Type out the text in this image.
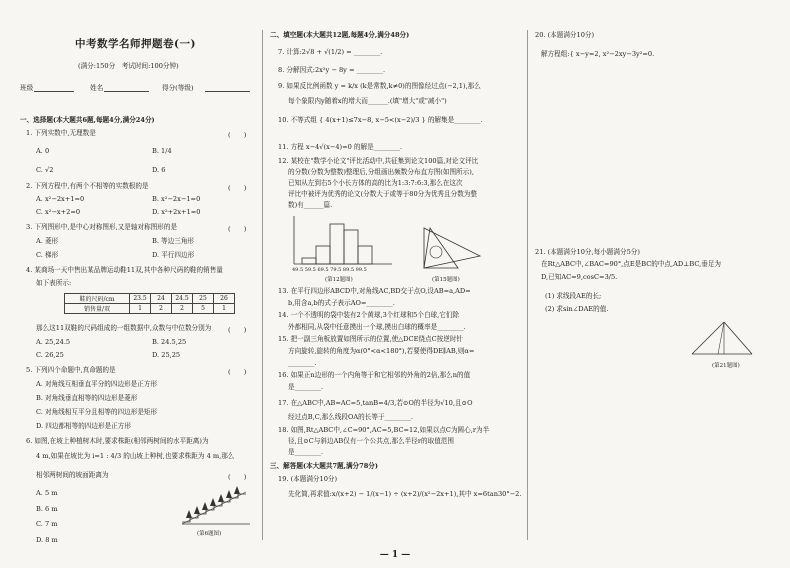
中考数学名师押题卷(一)
(满分:150分　考试时间:100分钟)
班级	姓名	得分(等级)
一、选择题(本大题共6题,每题4分,满分24分)
1. 下列实数中,无理数是	(　　)
A. 0	B. 1/4
C. √2	D. 6
2. 下列方程中,有两个不相等的实数根的是	(　　)
A. x²−2x+1=0	B. x²−2x−1=0
C. x²−x+2=0	D. x²+2x+1=0
3. 下列图形中,是中心对称图形,又是轴对称图形的是	(　　)
A. 菱形	B. 等边三角形
C. 梯形	D. 平行四边形
4. 某商场一天中售出某品牌运动鞋11双,其中各种尺码的鞋的销售量
如下表所示:
鞋的尺码/cm	23.5	24	24.5	25	26
销售量/双	1	2	2	5	1
那么这11双鞋的尺码组成的一组数据中,众数与中位数分别为	(　　)
A. 25,24.5	B. 24.5,25
C. 26,25	D. 25,25
5. 下列四个命题中,真命题的是	(　　)
A. 对角线互相垂直平分的四边形是正方形
B. 对角线垂直相等的四边形是菱形
C. 对角线相互平分且相等的四边形是矩形
D. 四边都相等的四边形是正方形
6. 如图,在坡上种植树木时,要求株距(相邻两树间的水平距离)为
4 m,如果在坡比为 i=1 : 4/3 的山坡上种树,也要求株距为 4 m,那么
相邻两树间的坡面距离为	(　　)
A. 5 m
B. 6 m
C. 7 m
D. 8 m
(第6题图)
二、填空题(本大题共12题,每题4分,满分48分)
7. 计算:2√8 + √(1/2) = ________.
8. 分解因式:2x²y − 8y = ________.
9. 如果反比例函数 y = k/x (k是常数,k≠0)的图像经过点(−2,1),那么
每个象限内y随着x的增大而______.(填"增大"或"减小")
10. 不等式组 { 4(x+1)≤7x−8, x−5<(x−2)/3 } 的解集是________.
11. 方程 x−4√(x−4)=0 的解是________.
12. 某校在"数学小论文"评比活动中,共征集到论文100篇,对论文评比
的分数(分数为整数)整理后,分组画出频数分布直方图(如图所示),
已知从左到右5个小长方体的高的比为1:3:7:6:3,那么在这次
评比中被评为优秀的论文(分数大于或等于80分为优秀且分数为整
数)有______篇.
49.5 59.5 69.5 79.5 89.5 99.5
(第12题图)	(第15题图)
13. 在平行四边形ABCD中,对角线AC,BD交于点O,设AB=a,AD=
b,用含a,b的式子表示AO=________.
14. 一个不透明的袋中装有2个黄球,3个红球和5个白球,它们除
外都相同,从袋中任意摸出一个球,摸出白球的概率是________.
15. 把一副三角板放置如图所示的位置,使△DCE绕点C按逆时针
方向旋转,旋转的角度为α(0°<α<180°),若要使得DE∥AB,则α=
________.
16. 如果正n边形的一个内角等于和它相邻的外角的2倍,那么n的值
是________.
17. 在△ABC中,AB=AC=5,tanB=4/3,若⊙O的半径为√10,且⊙O
经过点B,C,那么线段OA的长等于________.
18. 如图,Rt△ABC中,∠C=90°,AC=5,BC=12,如果以点C为圆心,r为半
径,且⊙C与斜边AB仅有一个公共点,那么半径r的取值范围
是________.
三、解答题(本大题共7题,满分78分)
19. (本题满分10分)
先化简,再求值:x/(x+2) − 1/(x−1) ÷ (x+2)/(x²−2x+1),其中 x=6tan30°−2.
20. (本题满分10分)
解方程组:{ x−y=2, x²−2xy−3y²=0.
21. (本题满分10分,每小题满分5分)
在Rt△ABC中,∠BAC=90°,点E是BC的中点,AD⊥BC,垂足为
D,已知AC=9,cosC=3/5.
(1) 求线段AE的长;
(2) 求sin∠DAE的值.
(第21题图)
— 1 —
